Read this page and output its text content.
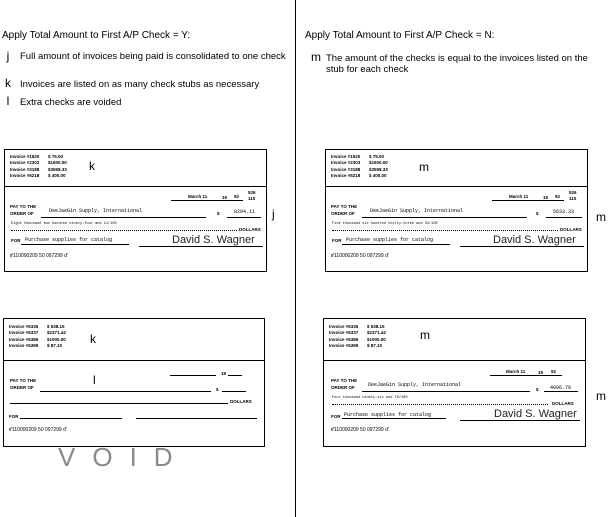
Apply Total Amount to First A/P Check = Y:
j	Full amount of invoices being paid is consolidated to one check
k Invoices are listed on as many check stubs as necessary
l	Extra checks are voided
Apply Total Amount to First A/P Check = N:
m The amount of the checks is equal to the invoices listed on the stub for each check
Invoice #1620 $ 75.00
Invoice #2303 $1600.00
Invoice #3188 $3558.33
Invoice #6218 $ 400.00
k
March 11	19 92
526
110
PAY TO THE
ORDER OF	DeeJaeGin Supply, International	$	8294.11
Eight thousand two hundred ninety-four and 11/100
DOLLARS
FOR Purchase supplies for catalog	David S. Wagner
⑈110000209 50 097299 d'
j
Invoice #6336 $ 638.15
Invoice #6337 $2371.44
Invoice #6386 $1000.00
Invoice #6399 $ 87.10	k
19
PAY TO THE
ORDER OF
l
$
DOLLARS
FOR
⑈110000209 50 097299 d'
VOID
Invoice #1620 $ 75.00
Invoice #2303 $1600.00
Invoice #3188 $3558.33
Invoice #6218 $ 400.00
m
March 11	19 92
526
110
PAY TO THE
ORDER OF	DeeJaeGin Supply, International	$	5633.33
Five thousand six hundred thirty-three and 33/100
DOLLARS
FOR Purchase supplies for catalog	David S. Wagner
⑈110000209 50 097299 d'
m
Invoice #6336 $ 638.15
Invoice #6337 $2371.44
Invoice #6386 $1000.00
Invoice #6399 $ 87.10
m
March 11	19 92
PAY TO THE
ORDER OF	DeeJaeGin Supply, International
$ 4096.78
Four thousand ninety-six and 78/100
DOLLARS
FOR Purchase supplies for catalog	David S. Wagner
⑈110000209 50 097299 d'
m
